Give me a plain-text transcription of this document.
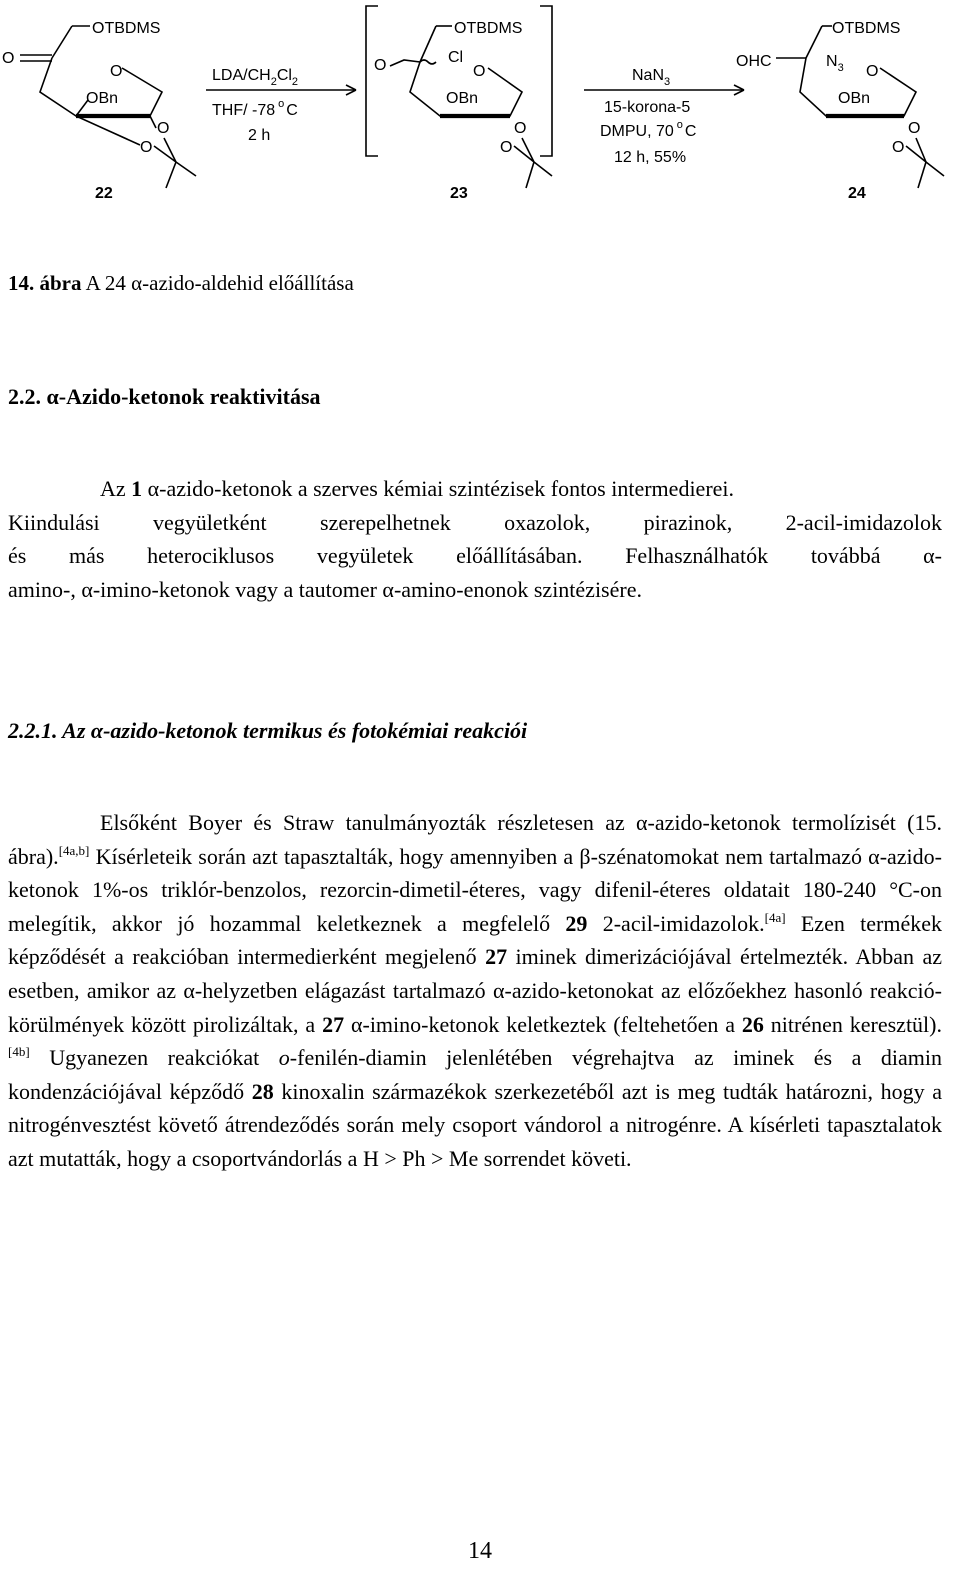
O
OTBDMS
O
OBn
O
O
22
LDA/$CH_2Cl_2$
THF/ -78 $^o$ C
2 h
O
OTBDMS
Cl
O
OBn
O
O
23
NaN$_3$
15-korona-5
DMPU, 70 $^o$ C
12 h, 55%
OHC
OTBDMS
$N_3$ O
OBn
O
O
24
14. ábra A 24 α-azido-aldehid előállítása
2.2. α-Azido-ketonok reaktivitása

Az 1 α-azido-ketonok a szerves kémiai szintézisek fontos intermedierei.

Kiindulási vegyületként szerepelhetnek oxazolok, pirazinok, 2-acil-imidazolok

és más heterociklusos vegyületek előállításában. Felhasználhatók továbbá α-

amino-, α-imino-ketonok vagy a tautomer α-amino-enonok szintézisére.

2.2.1. Az α-azido-ketonok termikus és fotokémiai reakciói
Elsőként Boyer és Straw tanulmányozták részletesen az α-azido-ketonok termolízisét (15. ábra).[4a,b] Kísérleteik során azt tapasztalták, hogy amennyiben a β-szénatomokat nem tartalmazó α-azido-ketonok 1%-os triklór-benzolos, rezorcin-dimetil-éteres, vagy difenil-éteres oldatait 180-240 °C-on melegítik, akkor jó hozammal keletkeznek a megfelelő 29 2-acil-imidazolok.[4a] Ezen termékek képződését a reakcióban intermedierként megjelenő 27 iminek dimerizációjával értelmezték. Abban az esetben, amikor az α-helyzetben elágazást tartalmazó α-azido-ketonokat az előzőekhez hasonló reakció-körülmények között pirolizáltak, a 27 α-imino-ketonok keletkeztek (feltehetően a 26 nitrénen keresztül).[4b] Ugyanezen reakciókat o-fenilén-diamin jelenlétében végrehajtva az iminek és a diamin kondenzációjával képződő 28 kinoxalin származékok szerkezetéből azt is meg tudták határozni, hogy a nitrogénvesztést követő átrendeződés során mely csoport vándorol a nitrogénre. A kísérleti tapasztalatok azt mutatták, hogy a csoportvándorlás a H > Ph > Me sorrendet követi.
14
